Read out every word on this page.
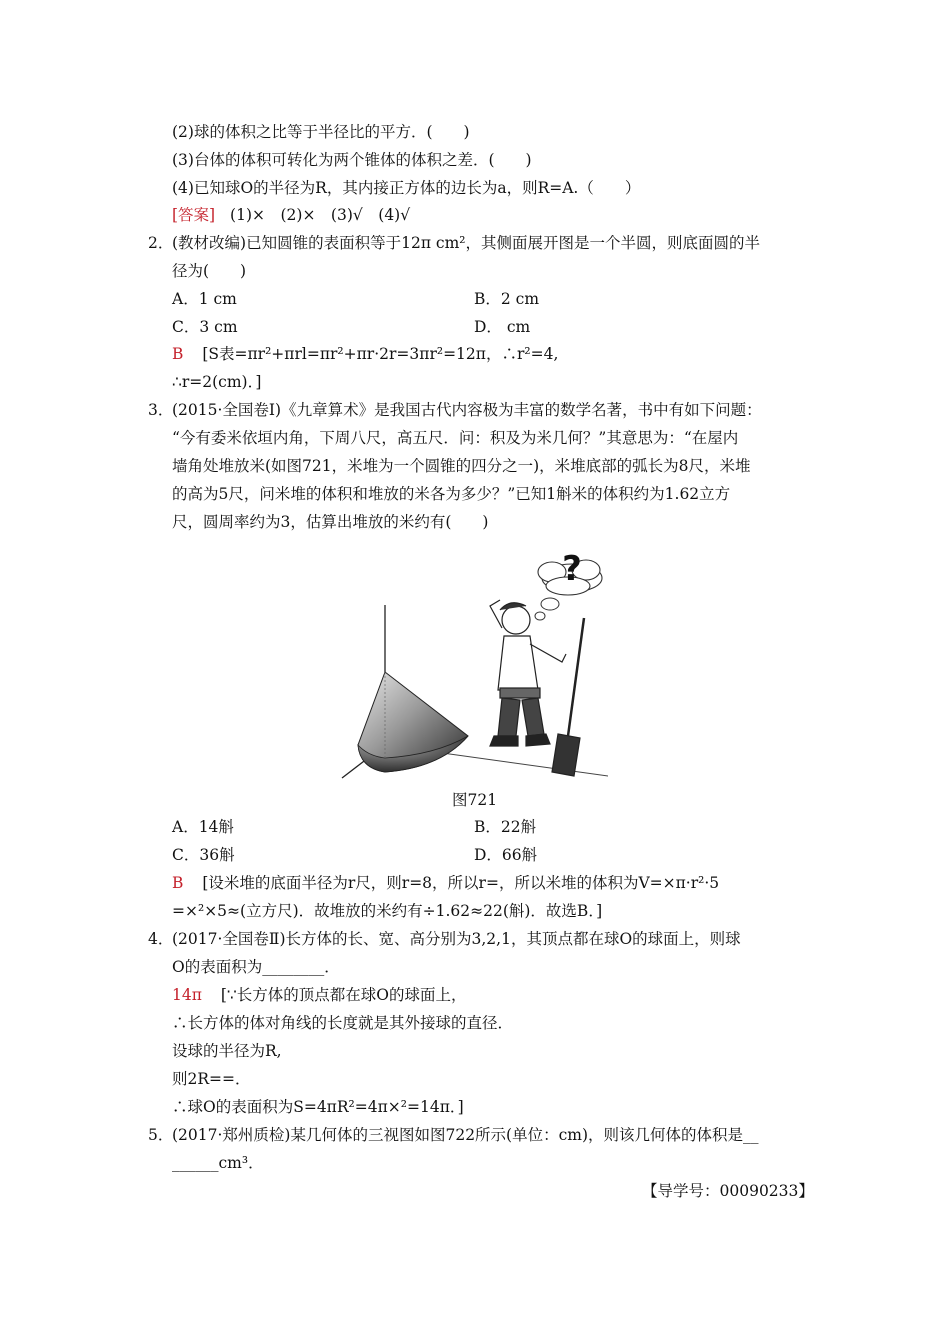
(2)球的体积之比等于半径比的平方．(　　)
(3)台体的体积可转化为两个锥体的体积之差．(　　)
(4)已知球O的半径为R，其内接正方体的边长为a，则R=A.（　　）
[答案] (1)×　(2)×　(3)√　(4)√
2．
(教材改编)已知圆锥的表面积等于12π cm²，其侧面展开图是一个半圆，则底面圆的半
径为(　　)
A．1 cm	B．2 cm
C．3 cm	D． cm
B [S表=πr²+πrl=πr²+πr·2r=3πr²=12π，∴r²=4,
∴r=2(cm)．]
3．
(2015·全国卷Ⅰ)《九章算术》是我国古代内容极为丰富的数学名著，书中有如下问题：
“今有委米依垣内角，下周八尺，高五尺．问：积及为米几何？”其意思为：“在屋内
墙角处堆放米(如图721，米堆为一个圆锥的四分之一)，米堆底部的弧长为8尺，米堆
的高为5尺，问米堆的体积和堆放的米各为多少？”已知1斛米的体积约为1.62立方
尺，圆周率约为3，估算出堆放的米约有(　　)
?
图721
A．14斛	B．22斛
C．36斛	D．66斛
B [设米堆的底面半径为r尺，则r=8，所以r=，所以米堆的体积为V=×π·r²·5
=×²×5≈(立方尺)．故堆放的米约有÷1.62≈22(斛)．故选B．]
4．
(2017·全国卷Ⅱ)长方体的长、宽、高分别为3,2,1，其顶点都在球O的球面上，则球
O的表面积为________．
14π [∵长方体的顶点都在球O的球面上，
∴长方体的体对角线的长度就是其外接球的直径．
设球的半径为R,
则2R==．
∴球O的表面积为S=4πR²=4π×²=14π．]
5．
(2017·郑州质检)某几何体的三视图如图722所示(单位：cm)，则该几何体的体积是__
______cm³．
【导学号：00090233】
